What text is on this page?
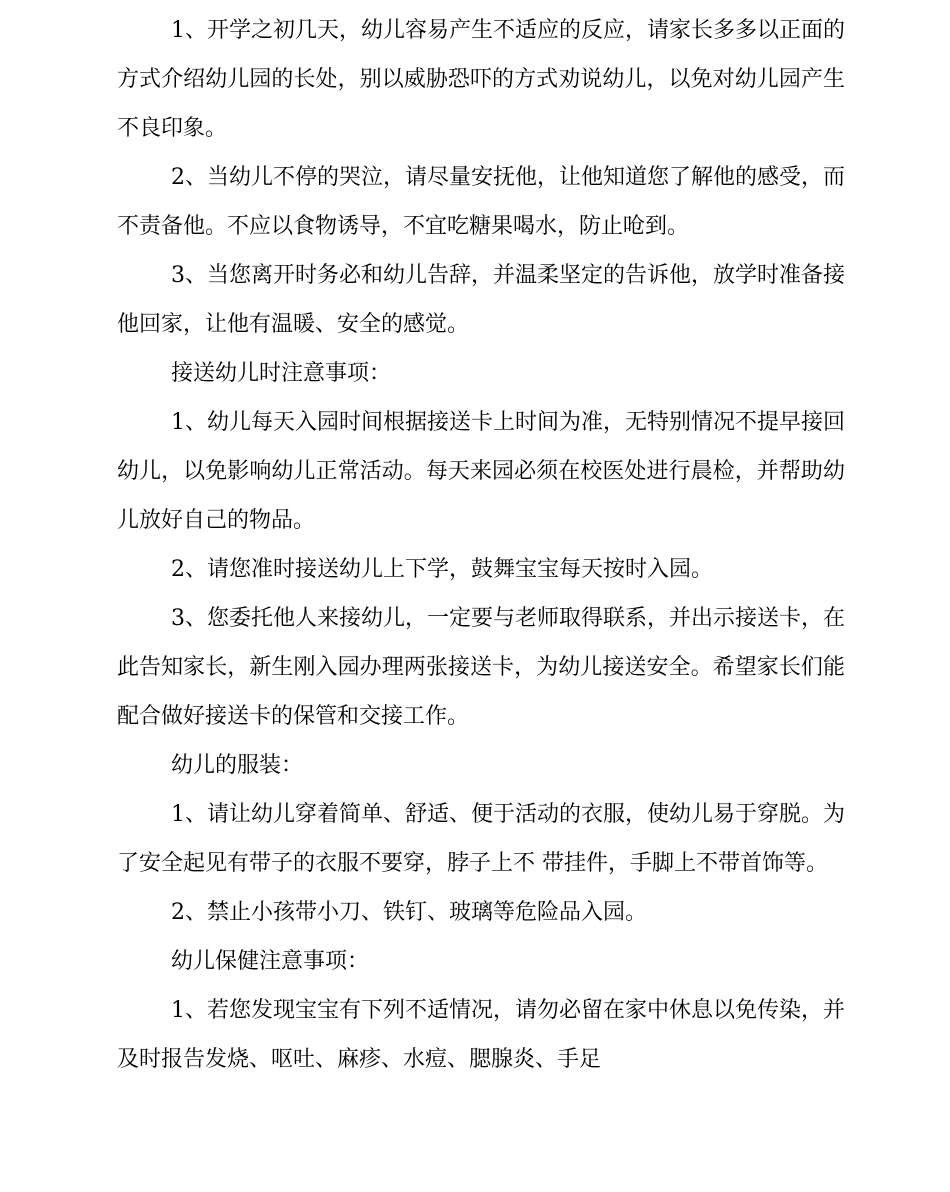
1、开学之初几天，幼儿容易产生不适应的反应，请家长多多以正面的方式介绍幼儿园的长处，别以威胁恐吓的方式劝说幼儿，以免对幼儿园产生不良印象。

2、当幼儿不停的哭泣，请尽量安抚他，让他知道您了解他的感受，而不责备他。不应以食物诱导，不宜吃糖果喝水，防止呛到。

3、当您离开时务必和幼儿告辞，并温柔坚定的告诉他，放学时准备接他回家，让他有温暖、安全的感觉。

接送幼儿时注意事项：

1、幼儿每天入园时间根据接送卡上时间为准，无特别情况不提早接回幼儿，以免影响幼儿正常活动。每天来园必须在校医处进行晨检，并帮助幼儿放好自己的物品。

2、请您准时接送幼儿上下学，鼓舞宝宝每天按时入园。

3、您委托他人来接幼儿，一定要与老师取得联系，并出示接送卡，在此告知家长，新生刚入园办理两张接送卡，为幼儿接送安全。希望家长们能配合做好接送卡的保管和交接工作。

幼儿的服装：

1、请让幼儿穿着简单、舒适、便于活动的衣服，使幼儿易于穿脱。为了安全起见有带子的衣服不要穿，脖子上不 带挂件，手脚上不带首饰等。

2、禁止小孩带小刀、铁钉、玻璃等危险品入园。

幼儿保健注意事项：

1、若您发现宝宝有下列不适情况，请勿必留在家中休息以免传染，并及时报告发烧、呕吐、麻疹、水痘、腮腺炎、手足
